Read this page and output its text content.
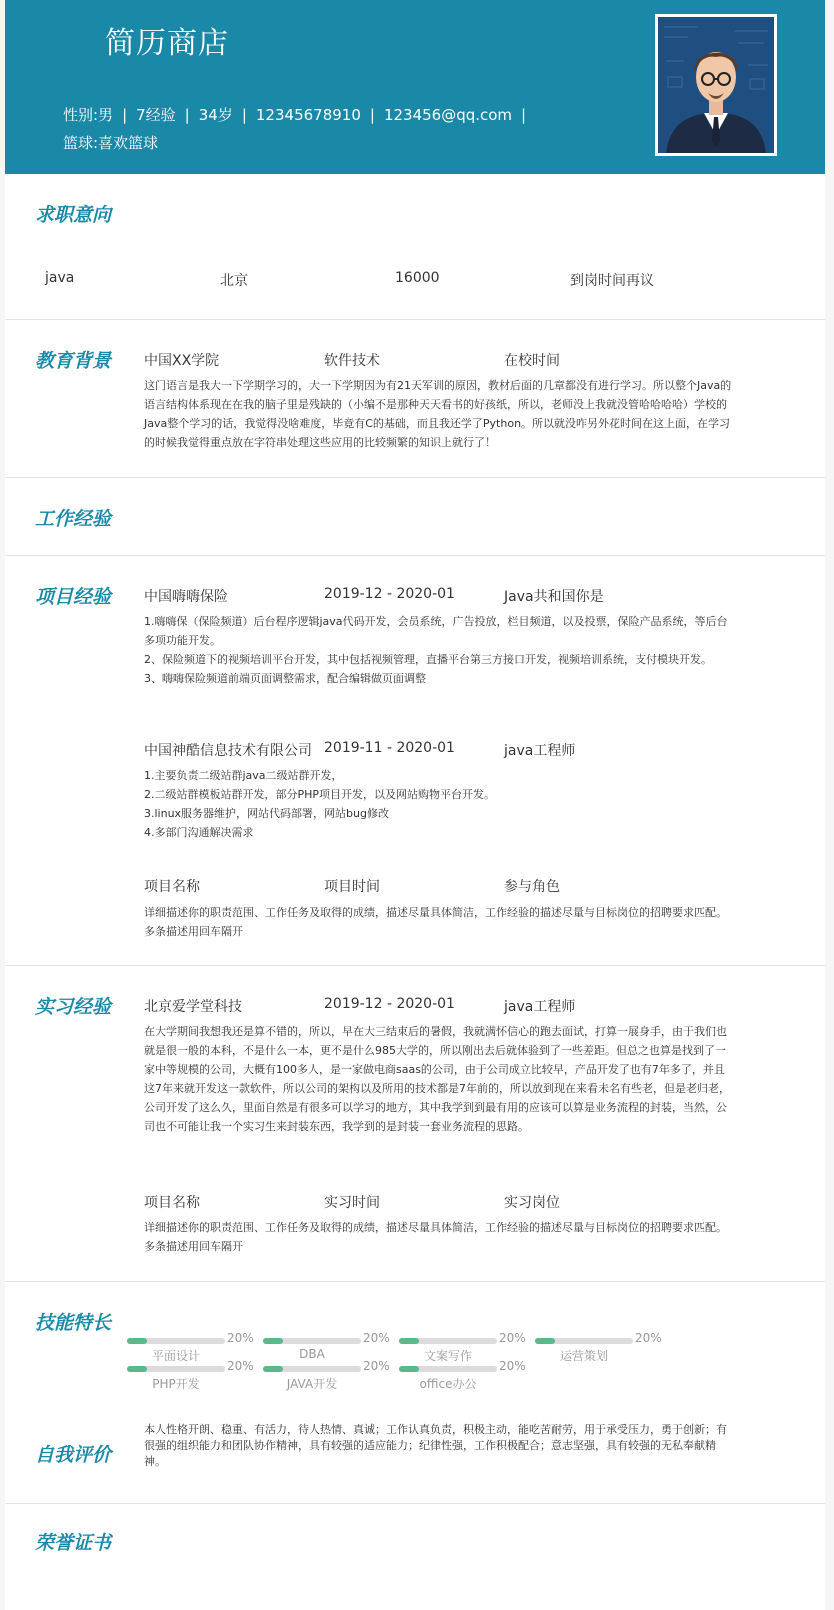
简历商店
性别:男 | 7经验 | 34岁 | 12345678910 | 123456@qq.com |
篮球:喜欢篮球
求职意向
java	北京	16000	到岗时间再议
教育背景 中国XX学院	软件技术	在校时间
这门语言是我大一下学期学习的，大一下学期因为有21天军训的原因，教材后面的几章都没有进行学习。所以整个Java的语言结构体系现在在我的脑子里是残缺的（小编不是那种天天看书的好孩纸，所以，老师没上我就没管哈哈哈哈）学校的Java整个学习的话，我觉得没啥难度，毕竟有C的基础，而且我还学了Python。所以就没咋另外花时间在这上面，在学习的时候我觉得重点放在字符串处理这些应用的比较频繁的知识上就行了！
工作经验
项目经验 中国嗨嗨保险	2019-12 - 2020-01	Java共和国你是
1.嗨嗨保（保险频道）后台程序逻辑java代码开发，会员系统，广告投放，栏目频道，以及投票，保险产品系统，等后台多项功能开发。
2、保险频道下的视频培训平台开发，其中包括视频管理，直播平台第三方接口开发，视频培训系统，支付模块开发。
3、嗨嗨保险频道前端页面调整需求，配合编辑做页面调整
中国神酷信息技术有限公司 2019-11 - 2020-01	java工程师
1.主要负责二级站群java二级站群开发，
2.二级站群模板站群开发，部分PHP项目开发，以及网站购物平台开发。
3.linux服务器维护，网站代码部署，网站bug修改
4.多部门沟通解决需求
项目名称	项目时间	参与角色
详细描述你的职责范围、工作任务及取得的成绩，描述尽量具体简洁，工作经验的描述尽量与目标岗位的招聘要求匹配。多条描述用回车隔开
实习经验 北京爱学堂科技	2019-12 - 2020-01	java工程师
在大学期间我想我还是算不错的，所以，早在大三结束后的暑假，我就满怀信心的跑去面试，打算一展身手，由于我们也就是很一般的本科，不是什么一本，更不是什么985大学的，所以刚出去后就体验到了一些差距。但总之也算是找到了一家中等规模的公司，大概有100多人，是一家做电商saas的公司，由于公司成立比较早，产品开发了也有7年多了，并且这7年来就开发这一款软件，所以公司的架构以及所用的技术都是7年前的，所以放到现在来看未名有些老，但是老归老，公司开发了这么久，里面自然是有很多可以学习的地方，其中我学到到最有用的应该可以算是业务流程的封装，当然，公司也不可能让我一个实习生来封装东西，我学到的是封装一套业务流程的思路。
项目名称	实习时间	实习岗位
详细描述你的职责范围、工作任务及取得的成绩，描述尽量具体简洁，工作经验的描述尽量与目标岗位的招聘要求匹配。多条描述用回车隔开
技能特长
20%
平面设计
20%
DBA
20%
文案写作
20%
运营策划
20%
PHP开发
20%
JAVA开发
20%
office办公
自我评价
本人性格开朗、稳重、有活力，待人热情、真诚；工作认真负责，积极主动，能吃苦耐劳，用于承受压力，勇于创新；有很强的组织能力和团队协作精神，具有较强的适应能力；纪律性强，工作积极配合；意志坚强，具有较强的无私奉献精神。
荣誉证书
